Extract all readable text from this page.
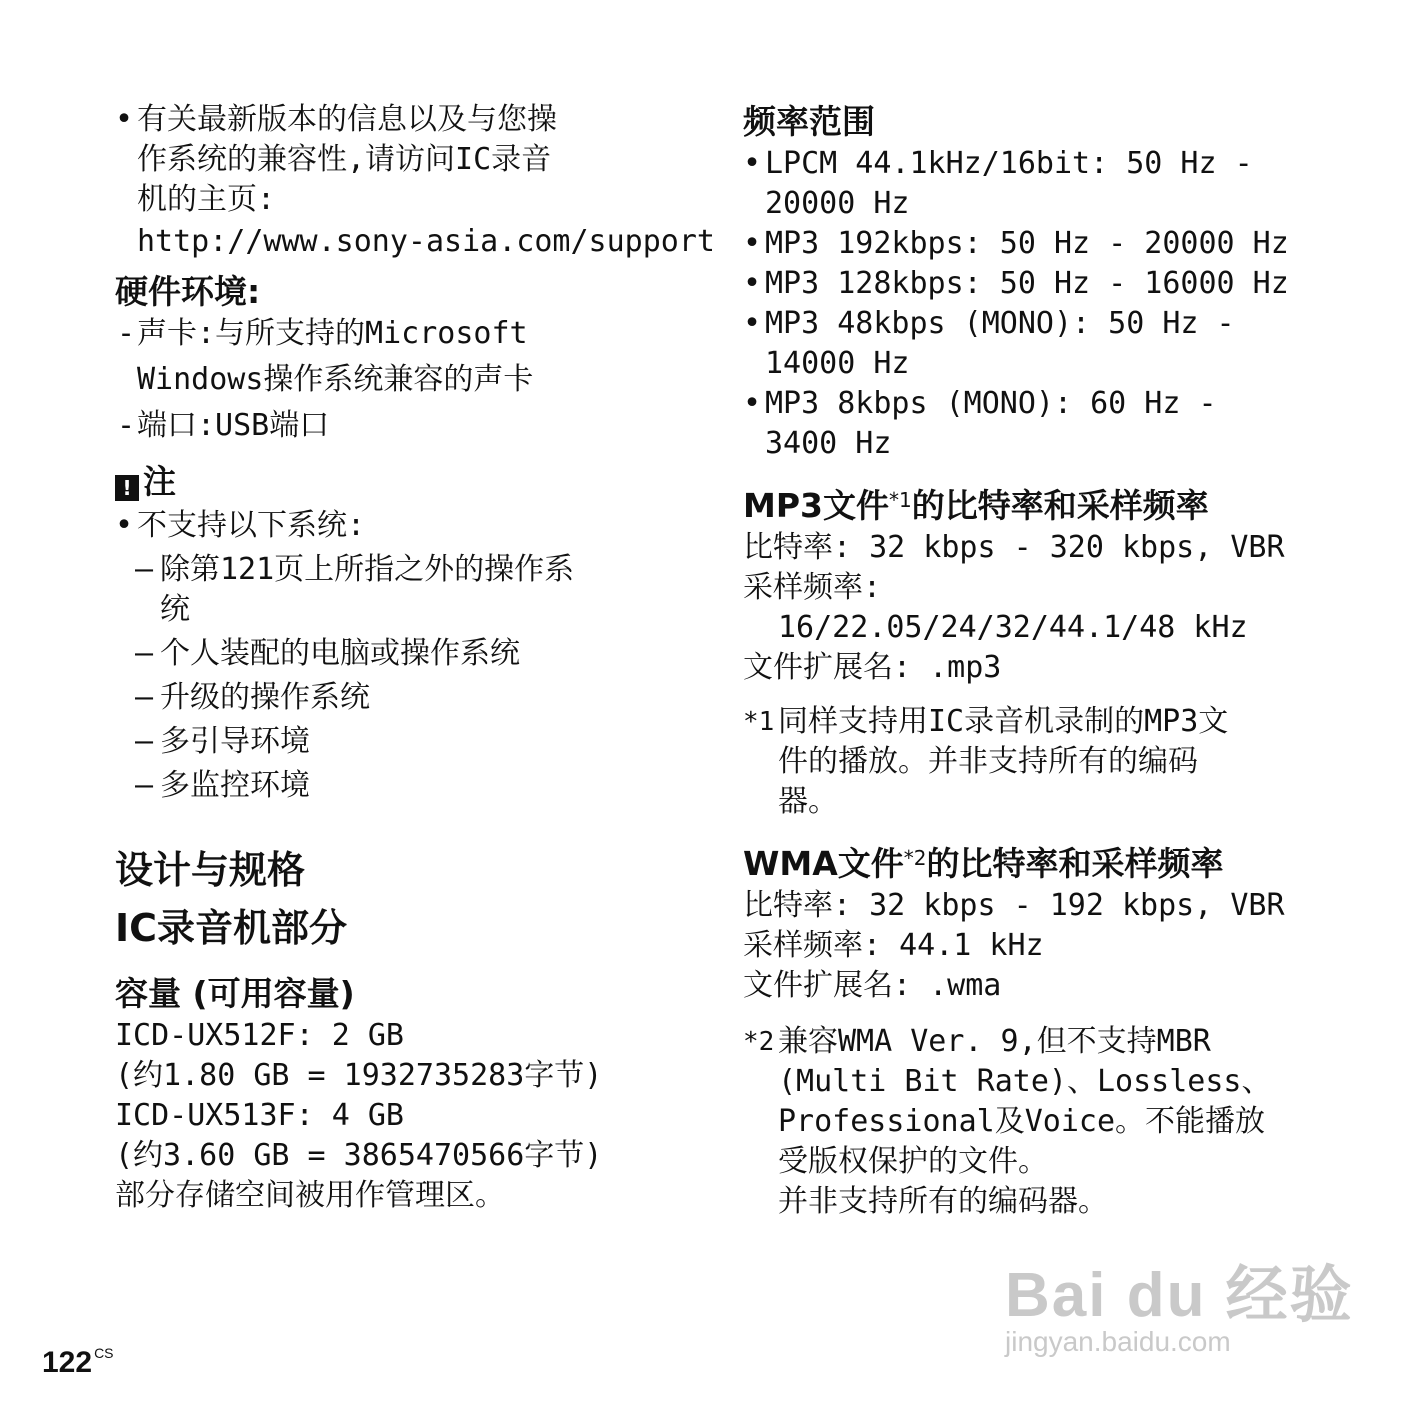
• 有关最新版本的信息以及与您操
作系统的兼容性,请访问IC录音
机的主页:
http://www.sony-asia.com/support
硬件环境:
- 声卡:与所支持的Microsoft
Windows操作系统兼容的声卡
- 端口:USB端口
! 注
• 不支持以下系统:
– 除第121页上所指之外的操作系
统
– 个人装配的电脑或操作系统
– 升级的操作系统
– 多引导环境
– 多监控环境
设计与规格
IC录音机部分
容量 (可用容量)
ICD-UX512F: 2 GB
(约1.80 GB = 1932735283字节)
ICD-UX513F: 4 GB
(约3.60 GB = 3865470566字节)
部分存储空间被用作管理区。
频率范围
• LPCM 44.1kHz/16bit: 50 Hz -
20000 Hz
• MP3 192kbps: 50 Hz - 20000 Hz
• MP3 128kbps: 50 Hz - 16000 Hz
• MP3 48kbps (MONO): 50 Hz -
14000 Hz
• MP3 8kbps (MONO): 60 Hz -
3400 Hz
MP3文件$^{*1}$的比特率和采样频率
比特率: 32 kbps - 320 kbps, VBR
采样频率:
16/22.05/24/32/44.1/48 kHz
文件扩展名: .mp3
*1 同样支持用IC录音机录制的MP3文
件的播放。并非支持所有的编码
器。
WMA文件$^{*2}$的比特率和采样频率
比特率: 32 kbps - 192 kbps, VBR
采样频率: 44.1 kHz
文件扩展名: .wma
*2 兼容WMA Ver. 9,但不支持MBR
(Multi Bit Rate)、Lossless、
Professional及Voice。不能播放
受版权保护的文件。
并非支持所有的编码器。
122 $^{CS}$
Bai du 经验
jingyan.baidu.com
